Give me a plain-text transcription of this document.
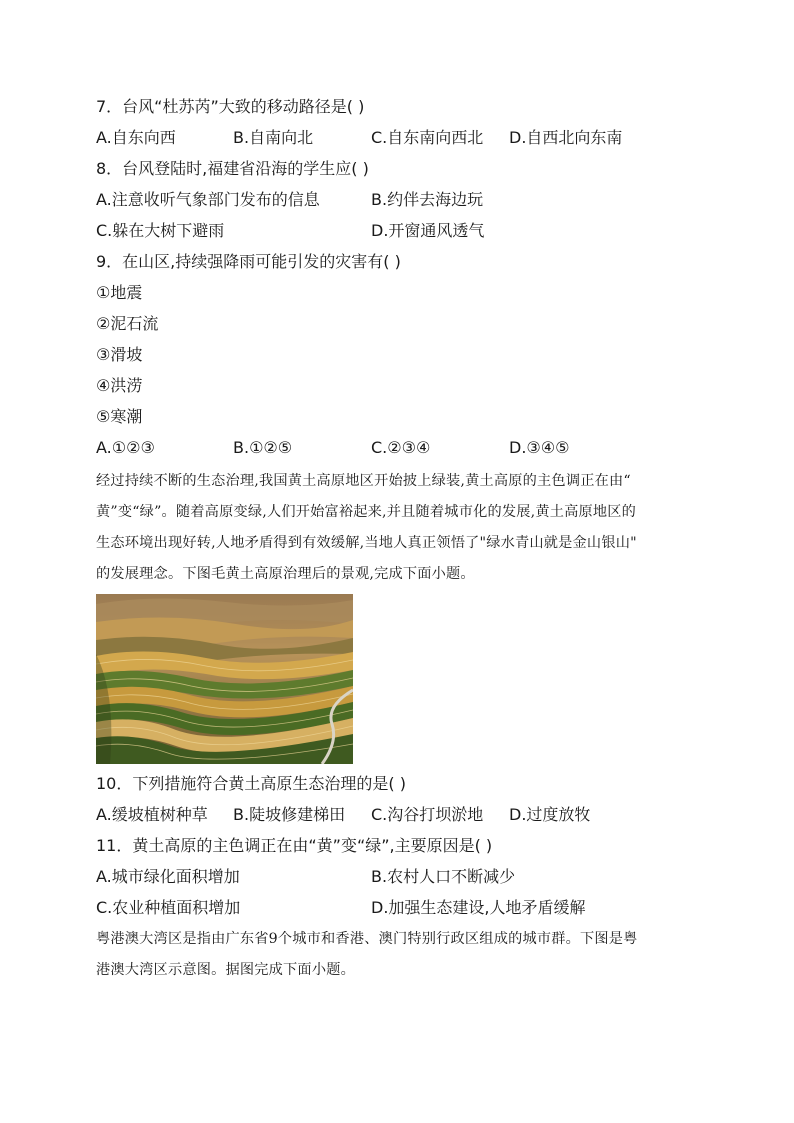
7．台风“杜苏芮”大致的移动路径是( )
A.自东向西	B.自南向北	C.自东南向西北 D.自西北向东南
8．台风登陆时,福建省沿海的学生应( )
A.注意收听气象部门发布的信息	B.约伴去海边玩
C.躲在大树下避雨	D.开窗通风透气
9．在山区,持续强降雨可能引发的灾害有( )
①地震
②泥石流
③滑坡
④洪涝
⑤寒潮
A.①②③	B.①②⑤	C.②③④	D.③④⑤
经过持续不断的生态治理,我国黄土高原地区开始披上绿装,黄土高原的主色调正在由“
黄”变“绿”。随着高原变绿,人们开始富裕起来,并且随着城市化的发展,黄土高原地区的
生态环境出现好转,人地矛盾得到有效缓解,当地人真正领悟了"绿水青山就是金山银山"
的发展理念。下图毛黄土高原治理后的景观,完成下面小题。
10．下列措施符合黄土高原生态治理的是( )
A.缓坡植树种草 B.陡坡修建梯田 C.沟谷打坝淤地 D.过度放牧
11．黄土高原的主色调正在由“黄”变“绿”,主要原因是( )
A.城市绿化面积增加	B.农村人口不断减少
C.农业种植面积增加	D.加强生态建设,人地矛盾缓解
粤港澳大湾区是指由广东省9个城市和香港、澳门特别行政区组成的城市群。下图是粤
港澳大湾区示意图。据图完成下面小题。
